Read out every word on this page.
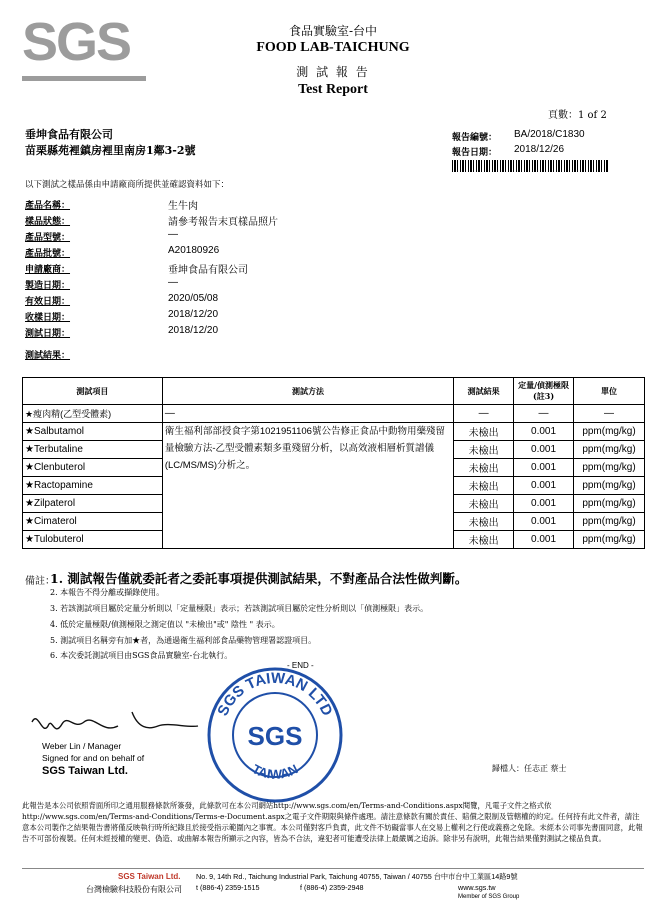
SGS	食品實驗室-台中
FOOD LAB-TAICHUNG
測 試 報 告
Test Report
頁數：1 of 2
垂坤食品有限公司
苗栗縣苑裡鎮房裡里南房1鄰3-2號
報告編號： BA/2018/C1830
報告日期： 2018/12/26
以下測試之樣品係由申請廠商所提供並確認資料如下：
產品名稱：	生牛肉
樣品狀態：	請參考報告末頁樣品照片
產品型號：	—
產品批號：	A20180926
申請廠商：	垂坤食品有限公司
製造日期：	—
有效日期：	2020/05/08
收樣日期：	2018/12/20
測試日期：	2018/12/20
測試結果：
測試項目	測試方法	測試結果	定量/偵測極限(註3)	單位
★瘦肉精(乙型受體素)	—	—	—	—
★Salbutamol	衛生福利部部授食字第1021951106號公告修正食品中動物用藥殘留量檢驗方法-乙型受體素類多重殘留分析，以高效液相層析質譜儀(LC/MS/MS)分析之。	未檢出	0.001	ppm(mg/kg)
★Terbutaline		未檢出	0.001	ppm(mg/kg)
★Clenbuterol		未檢出	0.001	ppm(mg/kg)
★Ractopamine		未檢出	0.001	ppm(mg/kg)
★Zilpaterol		未檢出	0.001	ppm(mg/kg)
★Cimaterol		未檢出	0.001	ppm(mg/kg)
★Tulobuterol		未檢出	0.001	ppm(mg/kg)
備註：
1. 測試報告僅就委託者之委託事項提供測試結果，不對產品合法性做判斷。
2. 本報告不得分離或擷錄使用。
3. 若該測試項目屬於定量分析則以「定量極限」表示；若該測試項目屬於定性分析則以「偵測極限」表示。
4. 低於定量極限/偵測極限之測定值以 "未檢出"或" 陰性 " 表示。
5. 測試項目名稱旁有加★者，為通過衛生福利部食品藥物管理署認證項目。
6. 本次委託測試項目由SGS食品實驗室-台北執行。
- END -
Weber Lin / Manager
Signed for and on behalf of
SGS Taiwan Ltd.
SGS TAIWAN LTD
SGS
TAIWAN	歸檔人：任志正 蔡士
此報告是本公司依照背面所印之通用服務條款所簽發，此條款可在本公司網站http://www.sgs.com/en/Terms-and-Conditions.aspx閱覽，凡電子文件之格式依http://www.sgs.com/en/Terms-and-Conditions/Terms-e-Document.aspx之電子文件期限與條件處理。請注意條款有關於責任、賠償之限制及管轄權的約定。任何持有此文件者，請注意本公司製作之結果報告書將僅反映執行時所紀錄且於接受指示範圍內之事實。本公司僅對客戶負責，此文件不妨礙當事人在交易上權利之行使或義務之免除。未經本公司事先書面同意，此報告不可部份複製。任何未經授權的變更、偽造、或曲解本報告所顯示之內容，皆為不合法，違犯者可能遭受法律上最嚴厲之追訴。除非另有說明，此報告結果僅對測試之樣品負責。
SGS Taiwan Ltd.
台灣檢驗科技股份有限公司
No. 9, 14th Rd., Taichung Industrial Park, Taichung 40755, Taiwan / 40755 台中市台中工業區14路9號
t (886-4) 2359-1515	f (886-4) 2359-2948	www.sgs.tw
Member of SGS Group
